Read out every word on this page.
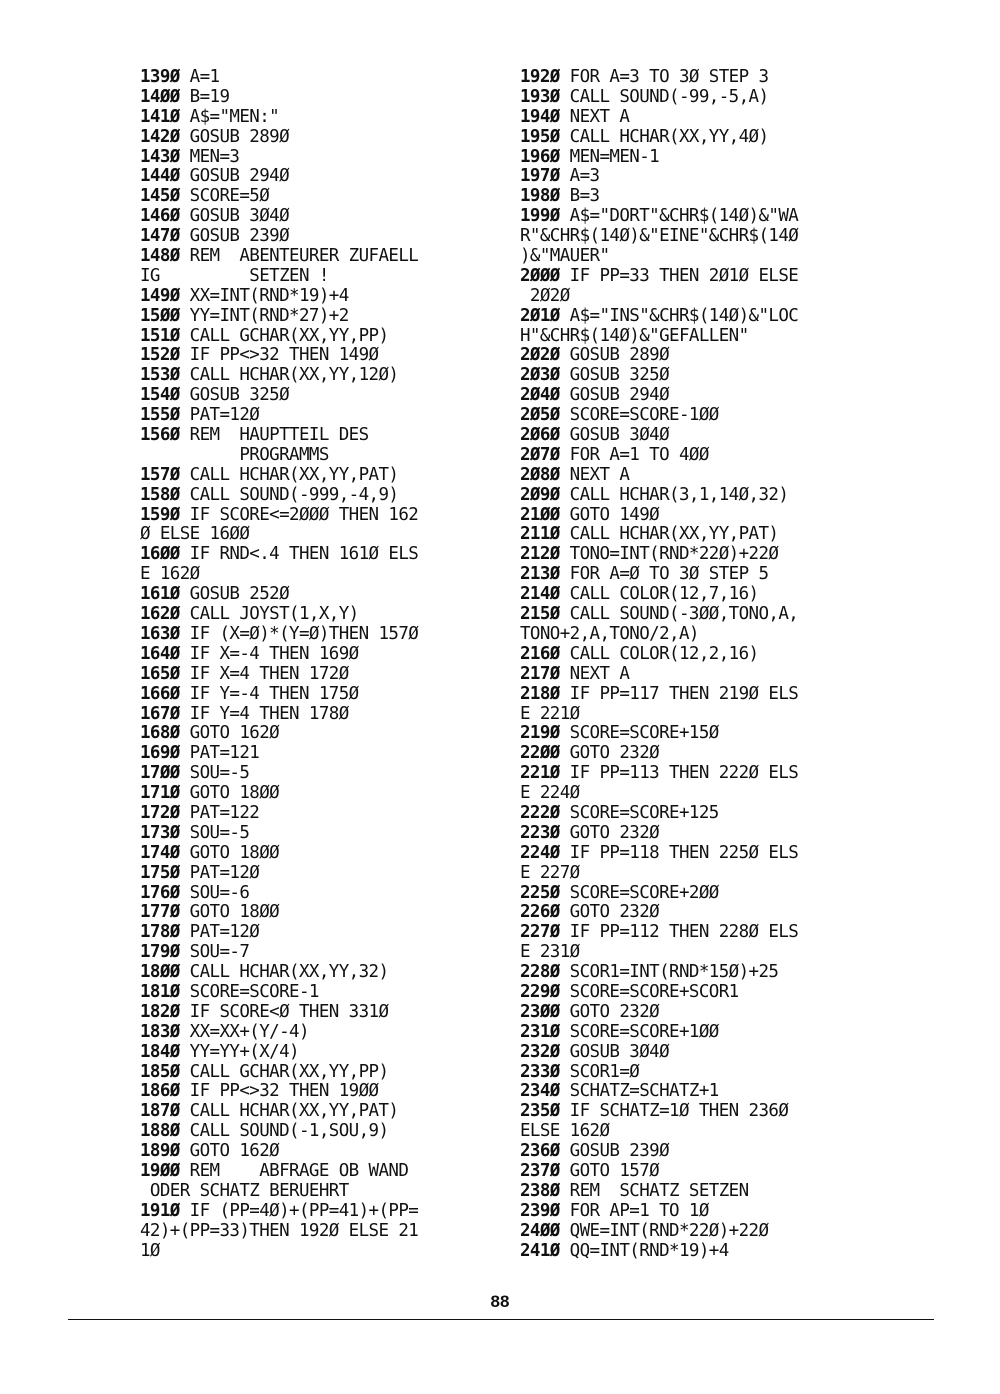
139Ø A=1
14ØØ B=19
141Ø A$="MEN:"
142Ø GOSUB 289Ø
143Ø MEN=3
144Ø GOSUB 294Ø
145Ø SCORE=5Ø
146Ø GOSUB 3Ø4Ø
147Ø GOSUB 239Ø
148Ø REM  ABENTEURER ZUFAELL
IG         SETZEN !
149Ø XX=INT(RND*19)+4
15ØØ YY=INT(RND*27)+2
151Ø CALL GCHAR(XX,YY,PP)
152Ø IF PP<>32 THEN 149Ø
153Ø CALL HCHAR(XX,YY,12Ø)
154Ø GOSUB 325Ø
155Ø PAT=12Ø
156Ø REM  HAUPTTEIL DES
PROGRAMMS
157Ø CALL HCHAR(XX,YY,PAT)
158Ø CALL SOUND(-999,-4,9)
159Ø IF SCORE<=2ØØØ THEN 162
Ø ELSE 16ØØ
16ØØ IF RND<.4 THEN 161Ø ELS
E 162Ø
161Ø GOSUB 252Ø
162Ø CALL JOYST(1,X,Y)
163Ø IF (X=Ø)*(Y=Ø)THEN 157Ø
164Ø IF X=-4 THEN 169Ø
165Ø IF X=4 THEN 172Ø
166Ø IF Y=-4 THEN 175Ø
167Ø IF Y=4 THEN 178Ø
168Ø GOTO 162Ø
169Ø PAT=121
17ØØ SOU=-5
171Ø GOTO 18ØØ
172Ø PAT=122
173Ø SOU=-5
174Ø GOTO 18ØØ
175Ø PAT=12Ø
176Ø SOU=-6
177Ø GOTO 18ØØ
178Ø PAT=12Ø
179Ø SOU=-7
18ØØ CALL HCHAR(XX,YY,32)
181Ø SCORE=SCORE-1
182Ø IF SCORE<Ø THEN 331Ø
183Ø XX=XX+(Y/-4)
184Ø YY=YY+(X/4)
185Ø CALL GCHAR(XX,YY,PP)
186Ø IF PP<>32 THEN 19ØØ
187Ø CALL HCHAR(XX,YY,PAT)
188Ø CALL SOUND(-1,SOU,9)
189Ø GOTO 162Ø
19ØØ REM    ABFRAGE OB WAND
ODER SCHATZ BERUEHRT
191Ø IF (PP=4Ø)+(PP=41)+(PP=
42)+(PP=33)THEN 192Ø ELSE 21
1Ø
192Ø FOR A=3 TO 3Ø STEP 3
193Ø CALL SOUND(-99,-5,A)
194Ø NEXT A
195Ø CALL HCHAR(XX,YY,4Ø)
196Ø MEN=MEN-1
197Ø A=3
198Ø B=3
199Ø A$="DORT"&CHR$(14Ø)&"WA
R"&CHR$(14Ø)&"EINE"&CHR$(14Ø
)&"MAUER"
2ØØØ IF PP=33 THEN 2Ø1Ø ELSE
2Ø2Ø
2Ø1Ø A$="INS"&CHR$(14Ø)&"LOC
H"&CHR$(14Ø)&"GEFALLEN"
2Ø2Ø GOSUB 289Ø
2Ø3Ø GOSUB 325Ø
2Ø4Ø GOSUB 294Ø
2Ø5Ø SCORE=SCORE-1ØØ
2Ø6Ø GOSUB 3Ø4Ø
2Ø7Ø FOR A=1 TO 4ØØ
2Ø8Ø NEXT A
2Ø9Ø CALL HCHAR(3,1,14Ø,32)
21ØØ GOTO 149Ø
211Ø CALL HCHAR(XX,YY,PAT)
212Ø TONO=INT(RND*22Ø)+22Ø
213Ø FOR A=Ø TO 3Ø STEP 5
214Ø CALL COLOR(12,7,16)
215Ø CALL SOUND(-3ØØ,TONO,A,
TONO+2,A,TONO/2,A)
216Ø CALL COLOR(12,2,16)
217Ø NEXT A
218Ø IF PP=117 THEN 219Ø ELS
E 221Ø
219Ø SCORE=SCORE+15Ø
22ØØ GOTO 232Ø
221Ø IF PP=113 THEN 222Ø ELS
E 224Ø
222Ø SCORE=SCORE+125
223Ø GOTO 232Ø
224Ø IF PP=118 THEN 225Ø ELS
E 227Ø
225Ø SCORE=SCORE+2ØØ
226Ø GOTO 232Ø
227Ø IF PP=112 THEN 228Ø ELS
E 231Ø
228Ø SCOR1=INT(RND*15Ø)+25
229Ø SCORE=SCORE+SCOR1
23ØØ GOTO 232Ø
231Ø SCORE=SCORE+1ØØ
232Ø GOSUB 3Ø4Ø
233Ø SCOR1=Ø
234Ø SCHATZ=SCHATZ+1
235Ø IF SCHATZ=1Ø THEN 236Ø
ELSE 162Ø
236Ø GOSUB 239Ø
237Ø GOTO 157Ø
238Ø REM  SCHATZ SETZEN
239Ø FOR AP=1 TO 1Ø
24ØØ QWE=INT(RND*22Ø)+22Ø
241Ø QQ=INT(RND*19)+4
88
